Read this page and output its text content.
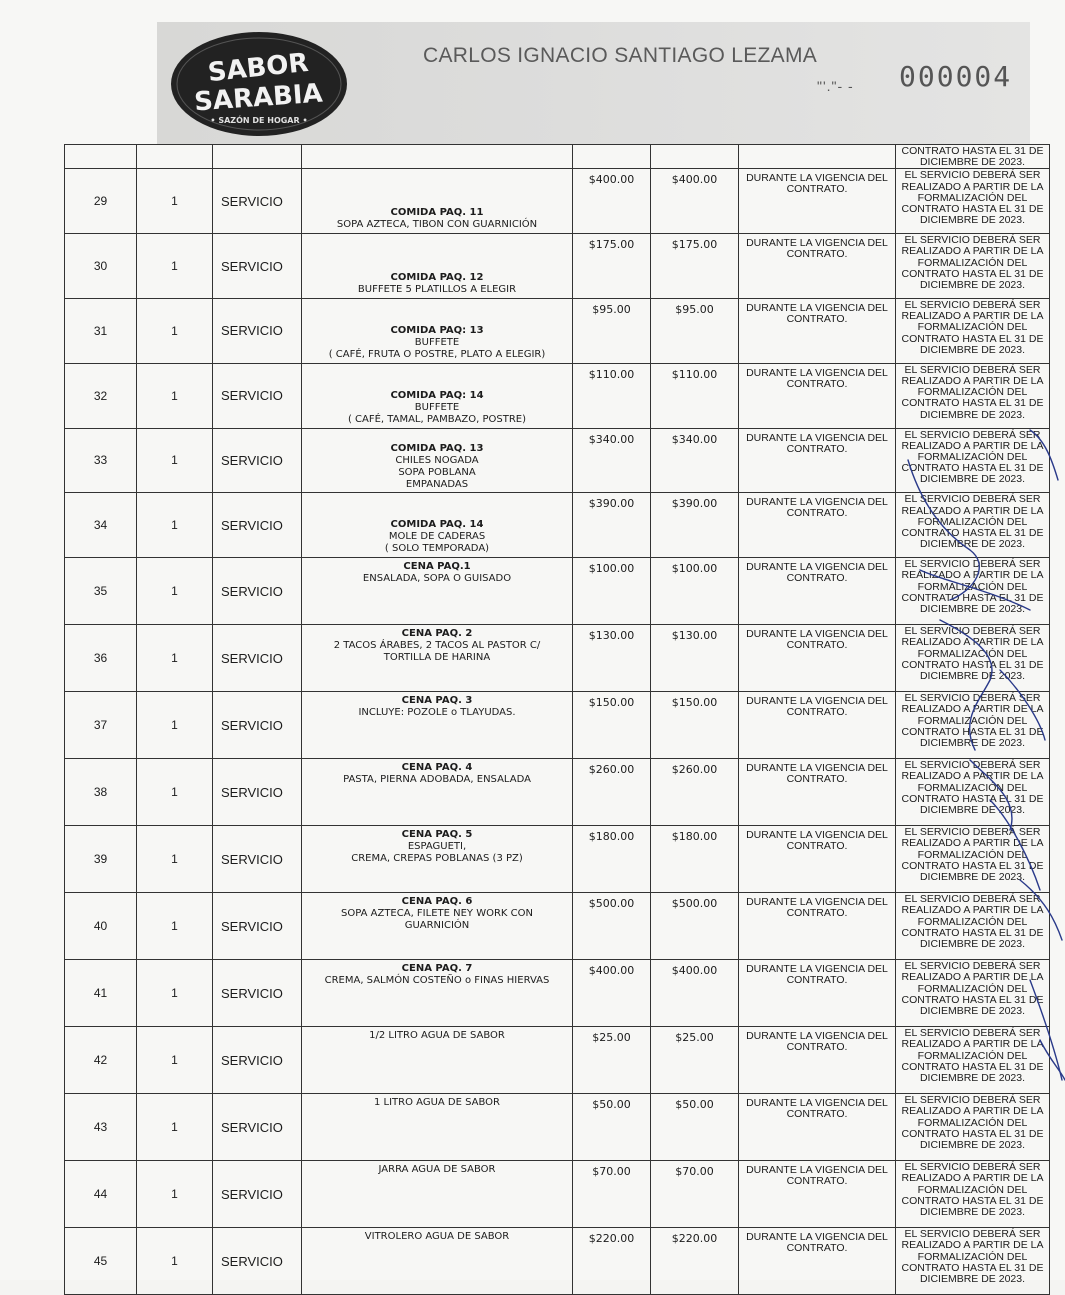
SABOR
SARABIA
• SAZÓN DE HOGAR •
CARLOS IGNACIO SANTIAGO LEZAMA
"'."- - 000004
							CONTRATO HASTA EL 31 DE DICIEMBRE DE 2023.
29	1	SERVICIO	COMIDA PAQ. 11
SOPA AZTECA, TIBON CON GUARNICIÓN	$400.00	$400.00	DURANTE LA VIGENCIA DEL CONTRATO.	EL SERVICIO DEBERÁ SER REALIZADO A PARTIR DE LA FORMALIZACIÓN DEL CONTRATO HASTA EL 31 DE DICIEMBRE DE 2023.
30	1	SERVICIO	COMIDA PAQ. 12
BUFFETE 5 PLATILLOS A ELEGIR	$175.00	$175.00	DURANTE LA VIGENCIA DEL CONTRATO.	EL SERVICIO DEBERÁ SER REALIZADO A PARTIR DE LA FORMALIZACIÓN DEL CONTRATO HASTA EL 31 DE DICIEMBRE DE 2023.
31	1	SERVICIO	COMIDA PAQ: 13
BUFFETE
( CAFÉ, FRUTA O POSTRE, PLATO A ELEGIR)	$95.00	$95.00	DURANTE LA VIGENCIA DEL CONTRATO.	EL SERVICIO DEBERÁ SER REALIZADO A PARTIR DE LA FORMALIZACIÓN DEL CONTRATO HASTA EL 31 DE DICIEMBRE DE 2023.
32	1	SERVICIO	COMIDA PAQ: 14
BUFFETE
( CAFÉ, TAMAL, PAMBAZO, POSTRE)	$110.00	$110.00	DURANTE LA VIGENCIA DEL CONTRATO.	EL SERVICIO DEBERÁ SER REALIZADO A PARTIR DE LA FORMALIZACIÓN DEL CONTRATO HASTA EL 31 DE DICIEMBRE DE 2023.
33	1	SERVICIO	COMIDA PAQ. 13
CHILES NOGADA
SOPA POBLANA
EMPANADAS	$340.00	$340.00	DURANTE LA VIGENCIA DEL CONTRATO.	EL SERVICIO DEBERÁ SER REALIZADO A PARTIR DE LA FORMALIZACIÓN DEL CONTRATO HASTA EL 31 DE DICIEMBRE DE 2023.
34	1	SERVICIO	COMIDA PAQ. 14
MOLE DE CADERAS
( SOLO TEMPORADA)	$390.00	$390.00	DURANTE LA VIGENCIA DEL CONTRATO.	EL SERVICIO DEBERÁ SER REALIZADO A PARTIR DE LA FORMALIZACIÓN DEL CONTRATO HASTA EL 31 DE DICIEMBRE DE 2023.
35	1	SERVICIO	CENA PAQ.1
ENSALADA, SOPA O GUISADO	$100.00	$100.00	DURANTE LA VIGENCIA DEL CONTRATO.	EL SERVICIO DEBERÁ SER REALIZADO A PARTIR DE LA FORMALIZACIÓN DEL CONTRATO HASTA EL 31 DE DICIEMBRE DE 2023.
36	1	SERVICIO	CENA PAQ. 2
2 TACOS ÁRABES, 2 TACOS AL PASTOR C/
TORTILLA DE HARINA	$130.00	$130.00	DURANTE LA VIGENCIA DEL CONTRATO.	EL SERVICIO DEBERÁ SER REALIZADO A PARTIR DE LA FORMALIZACIÓN DEL CONTRATO HASTA EL 31 DE DICIEMBRE DE 2023.
37	1	SERVICIO	CENA PAQ. 3
INCLUYE: POZOLE o TLAYUDAS.	$150.00	$150.00	DURANTE LA VIGENCIA DEL CONTRATO.	EL SERVICIO DEBERÁ SER REALIZADO A PARTIR DE LA FORMALIZACIÓN DEL CONTRATO HASTA EL 31 DE DICIEMBRE DE 2023.
38	1	SERVICIO	CENA PAQ. 4
PASTA, PIERNA ADOBADA, ENSALADA	$260.00	$260.00	DURANTE LA VIGENCIA DEL CONTRATO.	EL SERVICIO DEBERÁ SER REALIZADO A PARTIR DE LA FORMALIZACIÓN DEL CONTRATO HASTA EL 31 DE DICIEMBRE DE 2023.
39	1	SERVICIO	CENA PAQ. 5
ESPAGUETI,
CREMA, CREPAS POBLANAS (3 PZ)	$180.00	$180.00	DURANTE LA VIGENCIA DEL CONTRATO.	EL SERVICIO DEBERÁ SER REALIZADO A PARTIR DE LA FORMALIZACIÓN DEL CONTRATO HASTA EL 31 DE DICIEMBRE DE 2023.
40	1	SERVICIO	CENA PAQ. 6
SOPA AZTECA, FILETE NEY WORK CON
GUARNICIÓN	$500.00	$500.00	DURANTE LA VIGENCIA DEL CONTRATO.	EL SERVICIO DEBERÁ SER REALIZADO A PARTIR DE LA FORMALIZACIÓN DEL CONTRATO HASTA EL 31 DE DICIEMBRE DE 2023.
41	1	SERVICIO	CENA PAQ. 7
CREMA, SALMÓN COSTEÑO o FINAS HIERVAS	$400.00	$400.00	DURANTE LA VIGENCIA DEL CONTRATO.	EL SERVICIO DEBERÁ SER REALIZADO A PARTIR DE LA FORMALIZACIÓN DEL CONTRATO HASTA EL 31 DE DICIEMBRE DE 2023.
42	1	SERVICIO	1/2 LITRO AGUA DE SABOR	$25.00	$25.00	DURANTE LA VIGENCIA DEL CONTRATO.	EL SERVICIO DEBERÁ SER REALIZADO A PARTIR DE LA FORMALIZACIÓN DEL CONTRATO HASTA EL 31 DE DICIEMBRE DE 2023.
43	1	SERVICIO	1 LITRO AGUA DE SABOR	$50.00	$50.00	DURANTE LA VIGENCIA DEL CONTRATO.	EL SERVICIO DEBERÁ SER REALIZADO A PARTIR DE LA FORMALIZACIÓN DEL CONTRATO HASTA EL 31 DE DICIEMBRE DE 2023.
44	1	SERVICIO	JARRA AGUA DE SABOR	$70.00	$70.00	DURANTE LA VIGENCIA DEL CONTRATO.	EL SERVICIO DEBERÁ SER REALIZADO A PARTIR DE LA FORMALIZACIÓN DEL CONTRATO HASTA EL 31 DE DICIEMBRE DE 2023.
45	1	SERVICIO	VITROLERO AGUA DE SABOR	$220.00	$220.00	DURANTE LA VIGENCIA DEL CONTRATO.	EL SERVICIO DEBERÁ SER REALIZADO A PARTIR DE LA FORMALIZACIÓN DEL CONTRATO HASTA EL 31 DE DICIEMBRE DE 2023.
